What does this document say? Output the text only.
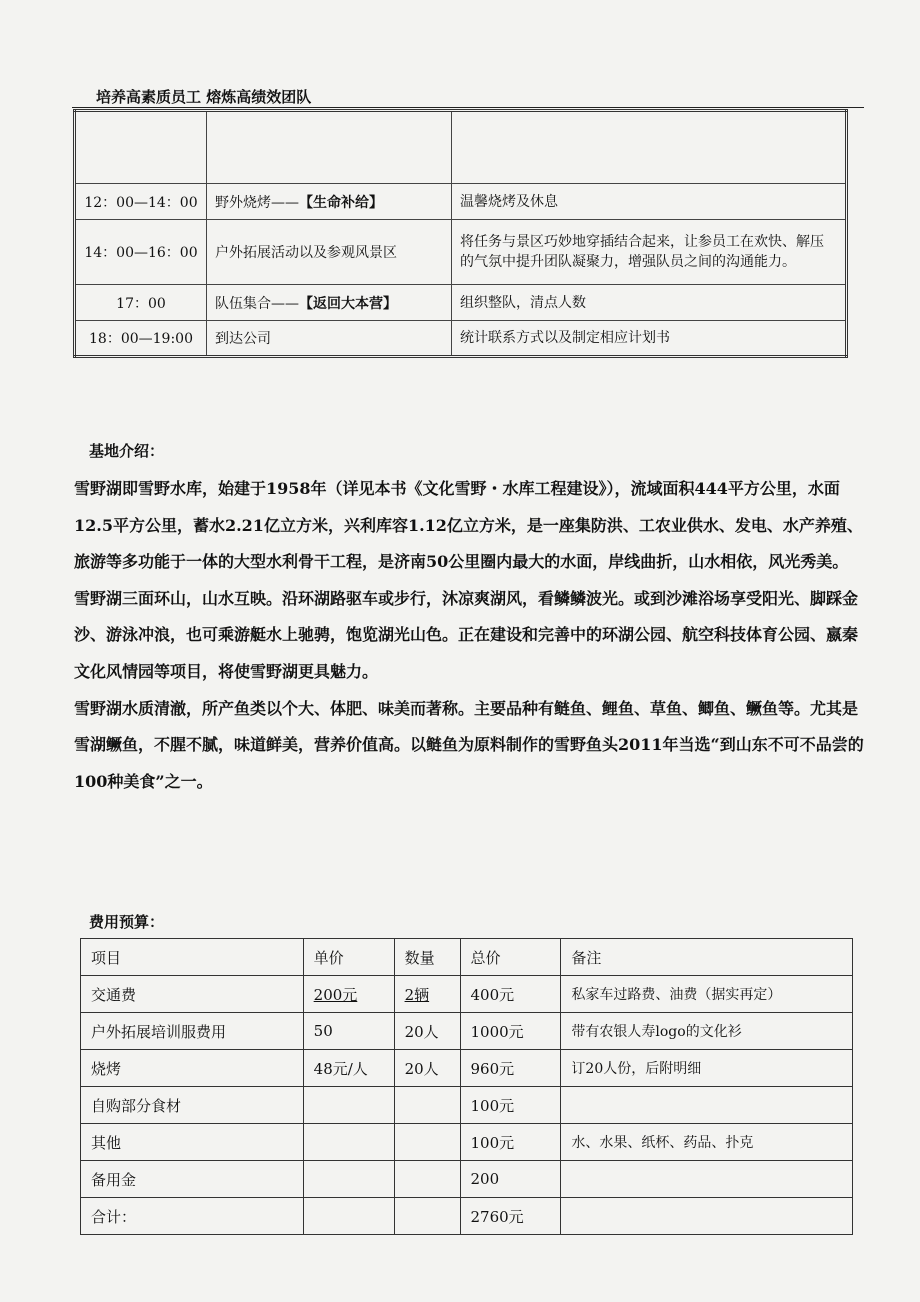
培养高素质员工 熔炼高绩效团队

12：00—14：00	野外烧烤——【生命补给】	温馨烧烤及休息
14：00—16：00	户外拓展活动以及参观风景区	将任务与景区巧妙地穿插结合起来，让参员工在欢快、解压的气氛中提升团队凝聚力，增强队员之间的沟通能力。
17：00	队伍集合——【返回大本营】	组织整队，清点人数
18：00—19:00	到达公司	统计联系方式以及制定相应计划书
基地介绍：

雪野湖即雪野水库，始建于1958年（详见本书《文化雪野・水库工程建设》），流域面积444平方公里，水面12.5平方公里，蓄水2.21亿立方米，兴利库容1.12亿立方米，是一座集防洪、工农业供水、发电、水产养殖、旅游等多功能于一体的大型水利骨干工程，是济南50公里圈内最大的水面，岸线曲折，山水相依，风光秀美。

雪野湖三面环山，山水互映。沿环湖路驱车或步行，沐凉爽湖风，看鳞鳞波光。或到沙滩浴场享受阳光、脚踩金沙、游泳冲浪，也可乘游艇水上驰骋，饱览湖光山色。正在建设和完善中的环湖公园、航空科技体育公园、嬴秦文化风情园等项目，将使雪野湖更具魅力。

雪野湖水质清澈，所产鱼类以个大、体肥、味美而著称。主要品种有鲢鱼、鲤鱼、草鱼、鲫鱼、鳜鱼等。尤其是雪湖鳜鱼，不腥不腻，味道鲜美，营养价值高。以鲢鱼为原料制作的雪野鱼头2011年当选“到山东不可不品尝的100种美食”之一。

费用预算：
项目	单价	数量	总价	备注
交通费	200元	2辆	400元	私家车过路费、油费（据实再定）
户外拓展培训服费用	50	20人	1000元	带有农银人寿logo的文化衫
烧烤	48元/人	20人	960元	订20人份，后附明细
自购部分食材			100元	
其他			100元	水、水果、纸杯、药品、扑克
备用金			200	
合计：			2760元	
